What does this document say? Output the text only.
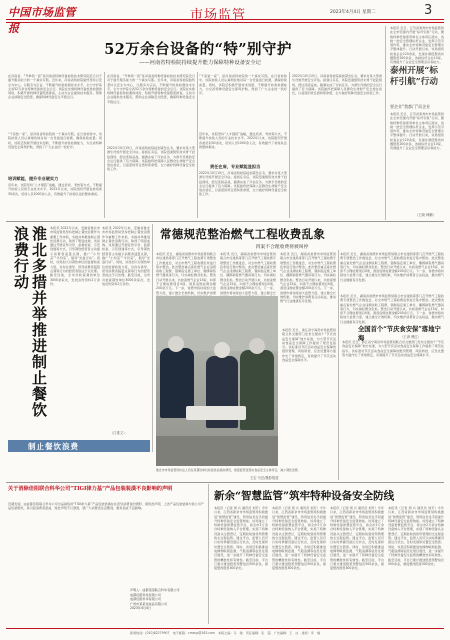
中国市场监管报
市场监管	2023年4月4日 星期二	3
52万余台设备的“特”别守护
——河南省特检院持续提升能力保障特种设备安全记
在河南省，“开拳领一派”是河南省特种设备检验技术研究院近日对于提升服务能力的一个真实写照。近年来，河南省特检院始终坚持以安全为中心，以服务为宗旨，不断提升检验检测技术水平，全力守护着全省52万余台特种设备的安全运行。该院在实施特种设备检验检测的同时，积极开展特种设备隐患排查，主动为企业提供技术服务，帮助企业消除安全隐患，确保特种设备安全平稳运行。
“干家装一家”，是河南省特检院的一个真实写照。在日常检验中，该院检验人员认真细致地对每一台设备进行检测，确保检验质量。同时，该院还积极开展技术创新，不断提升检验检测能力，为全省特种设备安全保驾护航，得到了广大企业的一致好评。
培训赋能，提升专业硬实力
近年来，该院坚持“人才强院”战略，通过培训、考核等方式，不断提升检验人员的专业技术水平。2022年以来，该院组织开展各类培训30余次，培训人员1000余人次，有效提升了检验队伍的整体素质。
在河南省，“开拳领一派”是河南省特种设备检验技术研究院近日对于提升服务能力的一个真实写照。近年来，河南省特检院始终坚持以安全为中心，以服务为宗旨，不断提升检验检测技术水平，全力守护着全省52万余台特种设备的安全运行。该院在实施特种设备检验检测的同时，积极开展特种设备隐患排查，主动为企业提供技术服务，帮助企业消除安全隐患，确保特种设备安全平稳运行。
2022年10月15日，河南省特检院接到紧急任务，要求对某大型游乐设施开展安全评估。接到任务后，该院迅速组织技术骨干赶赴现场，经过连续奋战，圆满完成了评估任务，为游乐设施的安全运行提供了有力保障。该院始终把保障人民群众生命财产安全放在首位，以高度的责任感和使命感，全力做好特种设备安全检验工作。
“干家装一家”，是河南省特检院的一个真实写照。在日常检验中，该院检验人员认真细致地对每一台设备进行检测，确保检验质量。同时，该院还积极开展技术创新，不断提升检验检测能力，为全省特种设备安全保驾护航，得到了广大企业的一致好评。
近年来，该院坚持“人才强院”战略，通过培训、考核等方式，不断提升检验人员的专业技术水平。2022年以来，该院组织开展各类培训30余次，培训人员1000余人次，有效提升了检验队伍的整体素质。
责任在肩，专业赋能显担当
2022年10月15日，河南省特检院接到紧急任务，要求对某大型游乐设施开展安全评估。接到任务后，该院迅速组织技术骨干赶赴现场，经过连续奋战，圆满完成了评估任务，为游乐设施的安全运行提供了有力保障。该院始终把保障人民群众生命财产安全放在首位，以高度的责任感和使命感，全力做好特种设备安全检验工作。
2022年10月15日，河南省特检院接到紧急任务，要求对某大型游乐设施开展安全评估。接到任务后，该院迅速组织技术骨干赶赴现场，经过连续奋战，圆满完成了评估任务，为游乐设施的安全运行提供了有力保障。该院始终把保障人民群众生命财产安全放在首位，以高度的责任感和使命感，全力做好特种设备安全检验工作。
本报讯 近日，江苏省泰州市市场监管局在全市范围内开展“标杆引航”行动，聚焦特种设备使用单位主体责任落实，选树一批安全管理标杆企业，发挥示范引领作用，推动全市特种设备安全管理水平整体提升。行动开展以来，该局组织检查企业120余家，发现并督促整改问题隐患200余条，选树标杆企业10家，有效提升了企业安全管理意识和能力。
泰州开展“标杆引航”行动
要企业“我都门”而企业
本报讯 近日，江苏省泰州市市场监管局在全市范围内开展“标杆引航”行动，聚焦特种设备使用单位主体责任落实，选树一批安全管理标杆企业，发挥示范引领作用，推动全市特种设备安全管理水平整体提升。行动开展以来，该局组织检查企业120余家，发现并督促整改问题隐患200余条，选树标杆企业10家，有效提升了企业安全管理意识和能力。
（王晓 韩鹏）
淮北多措并举推进制止餐饮浪费行动	本报讯 2022年以来，安徽省淮北市市场监管局坚持把制止餐饮浪费作为重要工作来抓，多措并举推进制止餐饮浪费行动，取得了明显成效。该局通过开展宣传引导、监督检查、示范创建等方式，引导餐饮经营者主动提示消费者适量点餐，推广“小份菜”“半份菜”，倡导“光盘行动”。同时，该局加大对餐饮单位的监督检查力度，对存在诱导、误导消费者超量点餐等行为的经营者依法予以处理。截至目前，全市共检查餐饮单位3000余家次，发放宣传资料2万余份。
本报讯 2022年以来，安徽省淮北市市场监管局坚持把制止餐饮浪费作为重要工作来抓，多措并举推进制止餐饮浪费行动，取得了明显成效。该局通过开展宣传引导、监督检查、示范创建等方式，引导餐饮经营者主动提示消费者适量点餐，推广“小份菜”“半份菜”，倡导“光盘行动”。同时，该局加大对餐饮单位的监督检查力度，对存在诱导、误导消费者超量点餐等行为的经营者依法予以处理。截至目前，全市共检查餐饮单位3000余家次，发放宣传资料2万余份。
（江淮文）
制止餐饮浪费
常德规范整治燃气工程收费乱象
四案不合理收费将被叫停
本报讯 近日，湖南省常德市市场监管局联合市住建局等部门召开燃气工程收费专项整治工作推进会，对全市燃气工程收费乱象进行集中整治。此次整治重点查处燃气企业违规收取工程费、强制指定施工单位、捆绑销售燃气器具等行为，切实减轻群众负担。整治行动开展以来，共检查燃气企业15家，叫停不合理收费项目4项，清退违规收费金额200余万元。下一步，常德市将持续加大监管力度，建立健全长效机制，切实维护消费
本报讯 近日，湖南省常德市市场监管局联合市住建局等部门召开燃气工程收费专项整治工作推进会，对全市燃气工程收费乱象进行集中整治。此次整治重点查处燃气企业违规收取工程费、强制指定施工单位、捆绑销售燃气器具等行为，切实减轻群众负担。整治行动开展以来，共检查燃气企业15家，叫停不合理收费项目4项，清退违规收费金额200余万元。下一步，常德市将持续加大监管力度，建立健全长
本报讯 近日，湖南省常德市市场监管局联合市住建局等部门召开燃气工程收费专项整治工作推进会，对全市燃气工程收费乱象进行集中整治。此次整治重点查处燃气企业违规收取工程费、强制指定施工单位、捆绑销售燃气器具等行为，切实减轻群众负担。整治行动开展以来，共检查燃气企业15家，叫停不合理收费项目4项，清退违规收费金额200余万元。下一步，常德市将持续加大监管力度，建立健全长效机制，切实维护消费者合法权益，推动燃气行业健康有序发展。
本报讯 近日，湖南省常德市市场监管局联合市住建局等部门召开燃气工程收费专项整治工作推进会，对全市燃气工程收费乱象进行集中整治。此次整治重点查处燃气企业违规收取工程费、强制指定施工单位、捆绑销售燃气器具等行为，切实减轻群众负担。整治行动开展以来，共检查燃气企业15家，叫停不合理收费项目4项，清退违规收费金额200余万元。下一步，常德市将持续加大监管力度，建立健全长效机制，切实维护消费者合法权益，推动燃气行业健康有序发展。
淮北市市场监管局执法人员在某餐饮单位检查食品储存情况，督促经营者落实食品安全主体责任，减少餐饮浪费。
王宏 马岳/摄影报道
本报讯 近日，湖南省常德市市场监管局联合市住建局等部门召开燃气工程收费专项整治工作推进会，对全市燃气工程收费乱象进行集中整治。此次整治重点查处燃气企业违规收取工程费、强制指定施工单位、捆绑销售燃气器具等行为，切实减轻群众负担。整治行动开展以来，共检查燃气企业15家，叫停不合理收费项目4项，清退违规收费金额200余万元。下一步，常德市将持续加大监管力度，建立健全长效机制，切实维护消费者合法权益，推动燃气行业健康有序发展。
全国首个“节庆食安保”落地宁海	（王涛 傅红）
本报讯 近日，浙江省宁海县市场监管局联合县文旅部门发布全国首个“节庆食品安全保障”地方标准，为大型节庆活动食品安全保障工作提供了规范化指引。该标准对节庆活动食品安全保障的组织管理、风险防控、应急处置等方面作出了详细规定，有效提升了节庆活动食品安全保障水平。
本报讯 近日，浙江省宁海县市场监管局联合县文旅部门发布全国首个“节庆食品安全保障”地方标准，为大型节庆活动食品安全保障工作提供了规范化指引。该标准对节庆活动食品安全保障的组织管理、风险防控、应急处置等方面作出了详细规定，有效提升了节庆活动食品安全保障水平。
关于消除佳阻联合科华公司“TIGI律力基”产品包装装潢不良影响的声明
近期发现，由成都佳阻联合科华公司出品销售的“TIGI律力基”产品包装装潢存在误导消费者的情形，现特此声明，上述产品包装装潢与我公司产品包装相似，易引起消费者混淆，特此声明予以澄清，望广大消费者注意甄别，避免造成不良影响。
声明人：成都佳阻联合科华有限公司
成都佳阻科技有限公司
成都佳阻科华有限公司
广州市某某化妆品有限公司
2023年4月4日
新余“智慧监管”筑牢特种设备安全防线
本报讯（记者 周 兵 通讯员 刘芳）今年以来，江西省新余市市场监管局积极推进“智慧监管”建设，利用信息化手段提升特种设备安全监管效能。该局建立了特种设备智慧监管平台，将全市2万余台特种设备纳入平台管理，实现了特种设备从注册登记、定期检验到使用管理的全过程监管。通过平台，监管人员可以实时掌握设备运行状态，及时发现和处置安全隐患。同时，该局还积极推进电梯物联网监测、气瓶追溯等信息化项目建设，进一步提升了特种设备安全监管的精准性和有效性。截至目前，平台已累计推送隐患预警信息500余条，督促整改隐患300余处。
本报讯（记者 周 兵 通讯员 刘芳）今年以来，江西省新余市市场监管局积极推进“智慧监管”建设，利用信息化手段提升特种设备安全监管效能。该局建立了特种设备智慧监管平台，将全市2万余台特种设备纳入平台管理，实现了特种设备从注册登记、定期检验到使用管理的全过程监管。通过平台，监管人员可以实时掌握设备运行状态，及时发现和处置安全隐患。同时，该局还积极推进电梯物联网监测、气瓶追溯等信息化项目建设，进一步提升了特种设备安全监管的精准性和有效性。截至目前，平台已累计推送隐患预警信息500余条，督促整改隐患300余处。
本报讯（记者 周 兵 通讯员 刘芳）今年以来，江西省新余市市场监管局积极推进“智慧监管”建设，利用信息化手段提升特种设备安全监管效能。该局建立了特种设备智慧监管平台，将全市2万余台特种设备纳入平台管理，实现了特种设备从注册登记、定期检验到使用管理的全过程监管。通过平台，监管人员可以实时掌握设备运行状态，及时发现和处置安全隐患。同时，该局还积极推进电梯物联网监测、气瓶追溯等信息化项目建设，进一步提升了特种设备安全监管的精准性和有效性。截至目前，平台已累计推送隐患预警信息500余条，督促整改隐患300余处。
本报讯（记者 周 兵 通讯员 刘芳）今年以来，江西省新余市市场监管局积极推进“智慧监管”建设，利用信息化手段提升特种设备安全监管效能。该局建立了特种设备智慧监管平台，将全市2万余台特种设备纳入平台管理，实现了特种设备从注册登记、定期检验到使用管理的全过程监管。通过平台，监管人员可以实时掌握设备运行状态，及时发现和处置安全隐患。同时，该局还积极推进电梯物联网监测、气瓶追溯等信息化项目建设，进一步提升了特种设备安全监管的精准性和有效性。截至目前，平台已累计推送隐患预警信息500余条，督促整改隐患300余处。
新闻热线：(010)82279907　电子邮箱：cmsnp@163.com　本版主编：马　骏　责任编辑：张　超　广告编辑：王　冰　排版：李　楠
